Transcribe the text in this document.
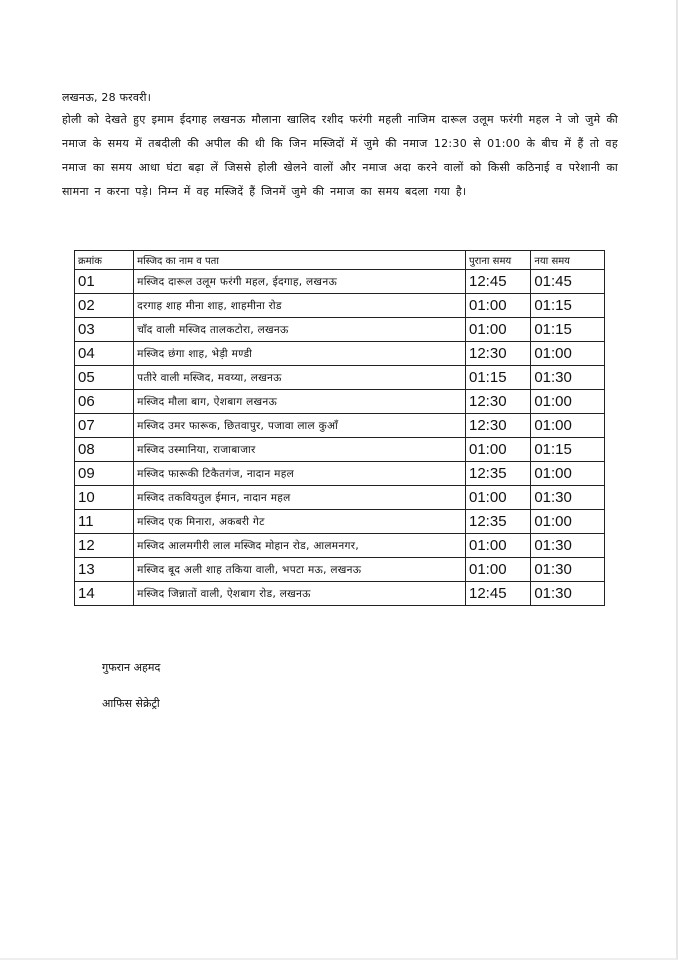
लखनऊ, 28 फरवरी।
होली को देखते हुए इमाम ईदगाह लखनऊ मौलाना खालिद रशीद फरंगी महली नाजिम दारूल उलूम फरंगी महल ने जो जुमे की नमाज के समय में तबदीली की अपील की थी कि जिन मस्जिदों में जुमे की नमाज 12:30 से 01:00 के बीच में हैं तो वह नमाज का समय आधा घंटा बढ़ा लें जिससे होली खेलने वालों और नमाज अदा करने वालों को किसी कठिनाई व परेशानी का सामना न करना पड़े। निम्न में वह मस्जिदें हैं जिनमें जुमे की नमाज का समय बदला गया है।
क्रमांक	मस्जिद का नाम व पता	पुराना समय	नया समय
01	मस्जिद दारूल उलूम फरंगी महल, ईदगाह, लखनऊ	12:45	01:45
02	दरगाह शाह मीना शाह, शाहमीना रोड	01:00	01:15
03	चाँद वाली मस्जिद तालकटोरा, लखनऊ	01:00	01:15
04	मस्जिद छंगा शाह, भेड़ी मण्डी	12:30	01:00
05	पतीरे वाली मस्जिद, मवय्या, लखनऊ	01:15	01:30
06	मस्जिद मौला बाग, ऐशबाग लखनऊ	12:30	01:00
07	मस्जिद उमर फारूक, छितवापुर, पजावा लाल कुआँ	12:30	01:00
08	मस्जिद उस्मानिया, राजाबाजार	01:00	01:15
09	मस्जिद फारूकी टिकैतगंज, नादान महल	12:35	01:00
10	मस्जिद तकवियतुल ईमान, नादान महल	01:00	01:30
11	मस्जिद एक मिनारा, अकबरी गेट	12:35	01:00
12	मस्जिद आलमगीरी लाल मस्जिद मोहान रोड, आलमनगर,	01:00	01:30
13	मस्जिद बूद अली शाह तकिया वाली, भपटा मऊ, लखनऊ	01:00	01:30
14	मस्जिद जिन्नातों वाली, ऐशबाग रोड, लखनऊ	12:45	01:30
गुफरान अहमद
आफिस सेक्रेट्री
